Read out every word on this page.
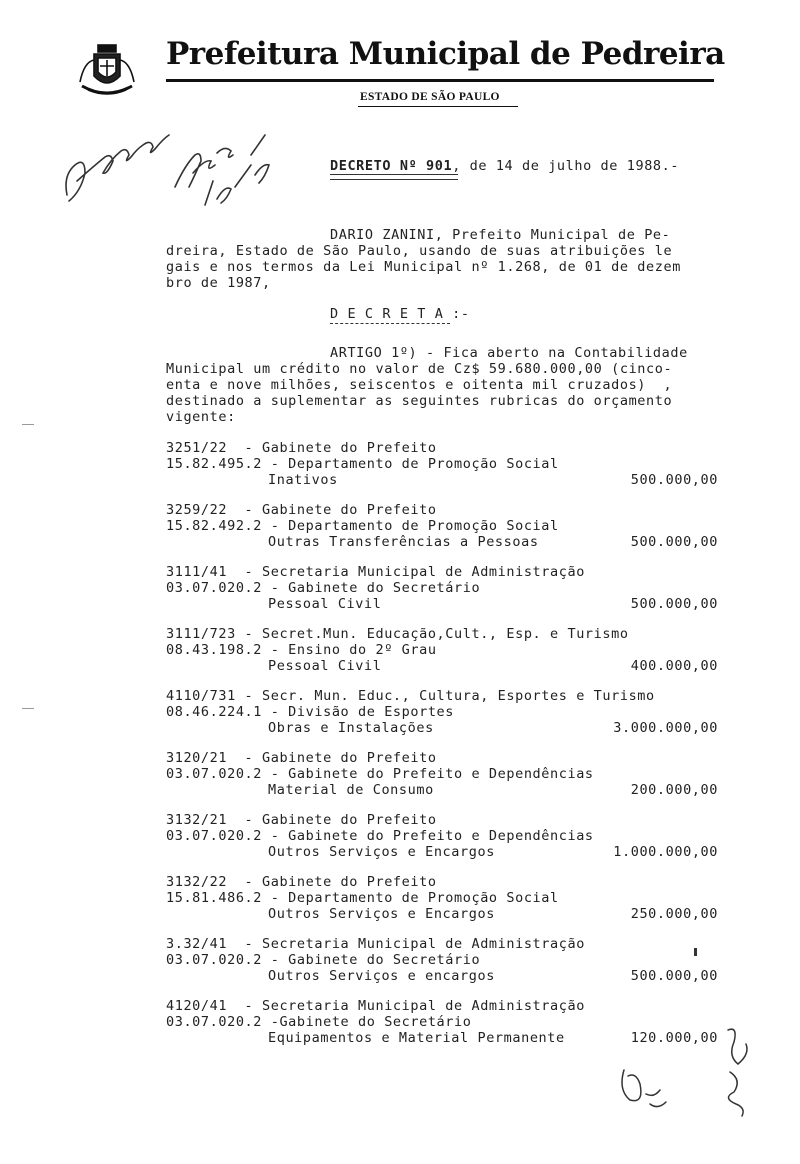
Prefeitura Municipal de Pedreira
ESTADO DE SÃO PAULO
DECRETO Nº 901, de 14 de julho de 1988.-
DARIO ZANINI, Prefeito Municipal de Pe-
dreira, Estado de São Paulo, usando de suas atribuições le
gais e nos termos da Lei Municipal nº 1.268, de 01 de dezem
bro de 1987,
D E C R E T A :-
ARTIGO 1º) - Fica aberto na Contabilidade
Municipal um crédito no valor de Cz$ 59.680.000,00 (cinco-
enta e nove milhões, seiscentos e oitenta mil cruzados)  ,
destinado a suplementar as seguintes rubricas do orçamento
vigente:
3251/22  - Gabinete do Prefeito
15.82.495.2 - Departamento de Promoção Social
Inativos	500.000,00
3259/22  - Gabinete do Prefeito
15.82.492.2 - Departamento de Promoção Social
Outras Transferências a Pessoas	500.000,00
3111/41  - Secretaria Municipal de Administração
03.07.020.2 - Gabinete do Secretário
Pessoal Civil	500.000,00
3111/723 - Secret.Mun. Educação,Cult., Esp. e Turismo
08.43.198.2 - Ensino do 2º Grau
Pessoal Civil	400.000,00
4110/731 - Secr. Mun. Educ., Cultura, Esportes e Turismo
08.46.224.1 - Divisão de Esportes
Obras e Instalações	3.000.000,00
3120/21  - Gabinete do Prefeito
03.07.020.2 - Gabinete do Prefeito e Dependências
Material de Consumo	200.000,00
3132/21  - Gabinete do Prefeito
03.07.020.2 - Gabinete do Prefeito e Dependências
Outros Serviços e Encargos	1.000.000,00
3132/22  - Gabinete do Prefeito
15.81.486.2 - Departamento de Promoção Social
Outros Serviços e Encargos	250.000,00
3.32/41  - Secretaria Municipal de Administração
03.07.020.2 - Gabinete do Secretário
Outros Serviços e encargos	500.000,00
4120/41  - Secretaria Municipal de Administração
03.07.020.2 -Gabinete do Secretário
Equipamentos e Material Permanente	120.000,00
